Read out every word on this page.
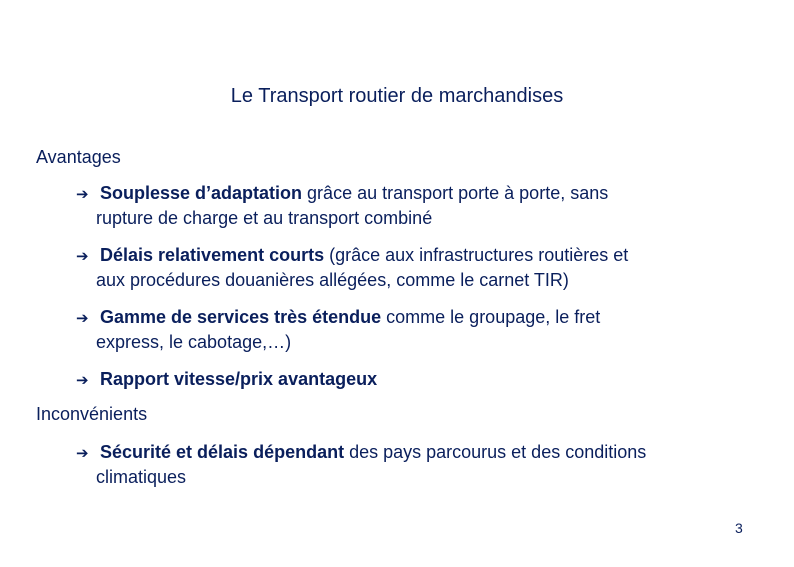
Le Transport routier de marchandises
Avantages
➔ Souplesse d’adaptation grâce au transport porte à porte, sans
rupture de charge et au transport combiné
➔ Délais relativement courts (grâce aux infrastructures routières et
aux procédures douanières allégées, comme le carnet TIR)
➔ Gamme de services très étendue comme le groupage, le fret
express, le cabotage,…)
➔ Rapport vitesse/prix avantageux
Inconvénients
➔ Sécurité et délais dépendant des pays parcourus et des conditions
climatiques
3
